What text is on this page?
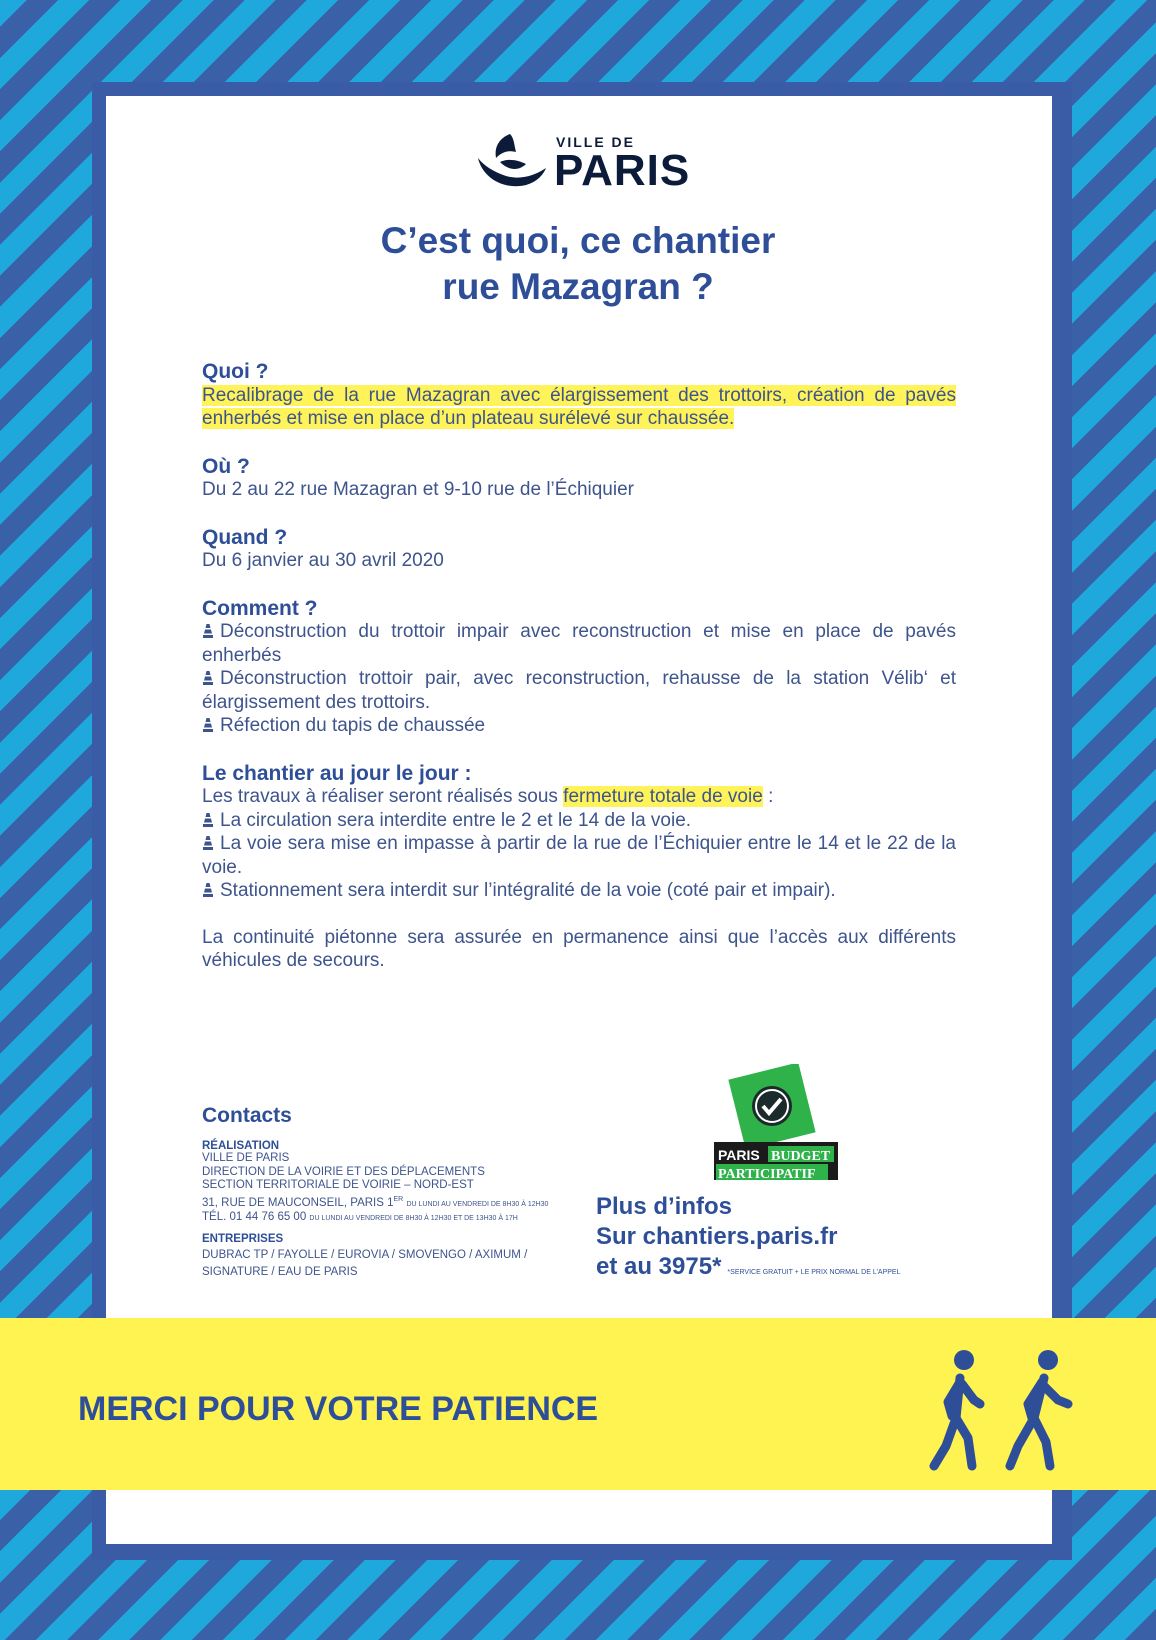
VILLE DE
PARIS
C’est quoi, ce chantier
rue Mazagran ?
Quoi ?
Recalibrage de la rue Mazagran avec élargissement des trottoirs, création de pavés enherbés et mise en place d’un plateau surélevé sur chaussée.
Où ?
Du 2 au 22 rue Mazagran et 9-10 rue de l’Échiquier
Quand ?
Du 6 janvier au 30 avril 2020
Comment ?
Déconstruction du trottoir impair avec reconstruction et mise en place de pavés enherbés
Déconstruction trottoir pair, avec reconstruction, rehausse de la station Vélib‘ et élargissement des trottoirs.
Réfection du tapis de chaussée
Le chantier au jour le jour :
Les travaux à réaliser seront réalisés sous fermeture totale de voie :
La circulation sera interdite entre le 2 et le 14 de la voie.
La voie sera mise en impasse à partir de la rue de l’Échiquier entre le 14 et le 22 de la voie.
Stationnement sera interdit sur l’intégralité de la voie (coté pair et impair).
La continuité piétonne sera assurée en permanence ainsi que l’accès aux différents véhicules de secours.
Contacts
RÉALISATION
VILLE DE PARIS
DIRECTION DE LA VOIRIE ET DES DÉPLACEMENTS
SECTION TERRITORIALE DE VOIRIE – NORD-EST
31, RUE DE MAUCONSEIL, PARIS 1ER DU LUNDI AU VENDREDI DE 8H30 À 12H30
TÉL. 01 44 76 65 00 DU LUNDI AU VENDREDI DE 8H30 À 12H30 ET DE 13H30 À 17H
ENTREPRISES
DUBRAC TP / FAYOLLE / EUROVIA / SMOVENGO / AXIMUM / SIGNATURE / EAU DE PARIS
PARIS BUDGET
PARTICIPATIF
Plus d’infos
Sur chantiers.paris.fr
et au 3975* *SERVICE GRATUIT + LE PRIX NORMAL DE L’APPEL
MERCI POUR VOTRE PATIENCE
